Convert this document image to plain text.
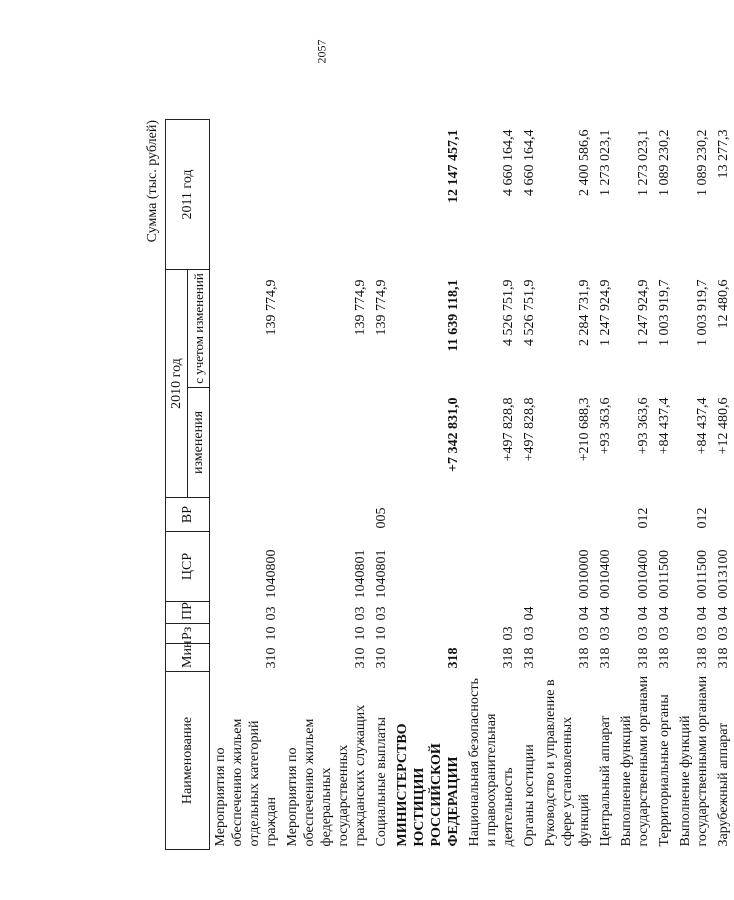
2057
Сумма (тыс. рублей)
Наименование	Мин	Рз	ПР	ЦСР	ВР	2010 год		2011 год
						изменения	с учетом изменений	
Мероприятия по обеспечению жильем отдельных категорий граждан	310	10	03	1040800			139 774,9	
Мероприятия по обеспечению жильем федеральных государственных гражданских служащих	310	10	03	1040801			139 774,9	
Социальные выплаты	310	10	03	1040801	005		139 774,9	
МИНИСТЕРСТВО ЮСТИЦИИ РОССИЙСКОЙ ФЕДЕРАЦИИ	318					+7 342 831,0	11 639 118,1	12 147 457,1
Национальная безопасность и правоохранительная деятельность	318	03				+497 828,8	4 526 751,9	4 660 164,4
Органы юстиции	318	03	04			+497 828,8	4 526 751,9	4 660 164,4
Руководство и управление в сфере установленных функций	318	03	04	0010000		+210 688,3	2 284 731,9	2 400 586,6
Центральный аппарат	318	03	04	0010400		+93 363,6	1 247 924,9	1 273 023,1
Выполнение функций государственными органами	318	03	04	0010400	012	+93 363,6	1 247 924,9	1 273 023,1
Территориальные органы	318	03	04	0011500		+84 437,4	1 003 919,7	1 089 230,2
Выполнение функций государственными органами	318	03	04	0011500	012	+84 437,4	1 003 919,7	1 089 230,2
Зарубежный аппарат	318	03	04	0013100		+12 480,6	12 480,6	13 277,3
